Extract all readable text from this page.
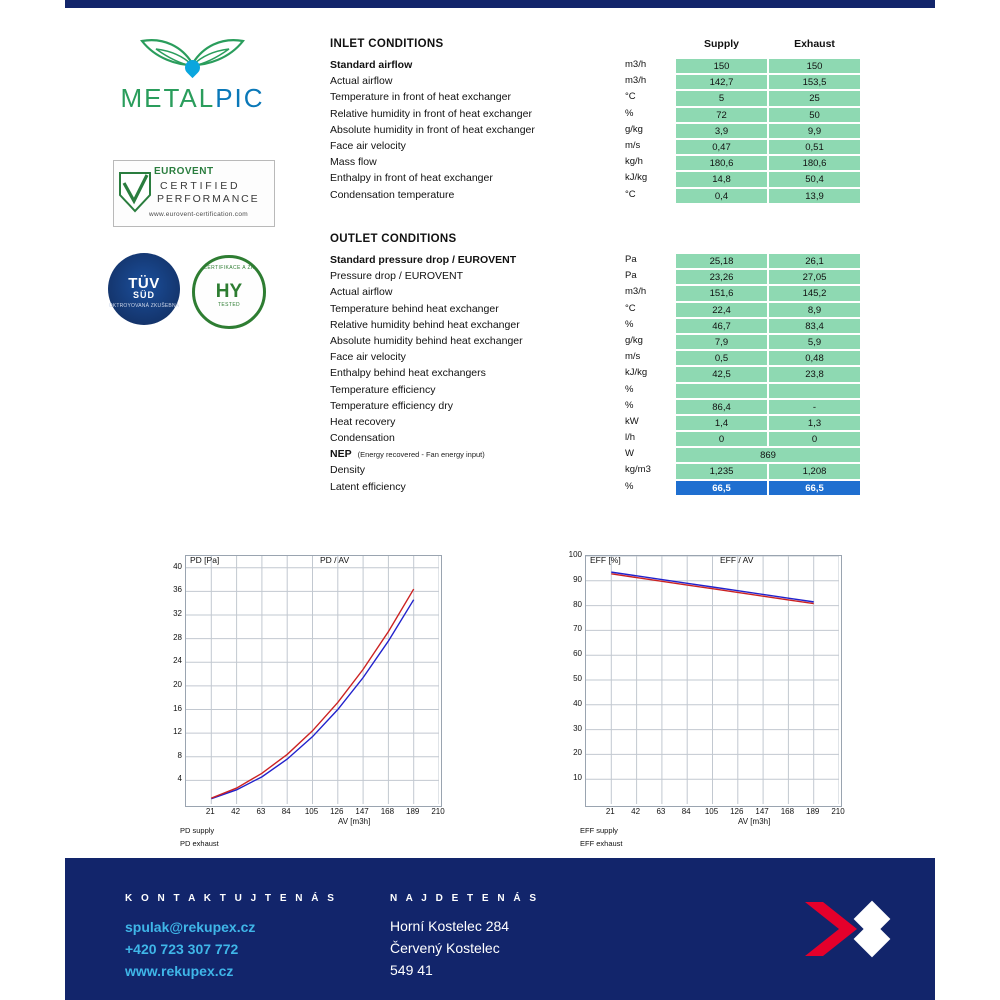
METALPIC
EUROVENT
CERTIFIED
PERFORMANCE
www.eurovent-certification.com
TÜV
SÜD
OKTROYOVANÁ ZKUŠEBNA
CERTIFIKACE A ZK
HY
TESTED
INLET CONDITIONS	Supply	Exhaust
Standard airflow	m3/h	150	150
Actual airflow	m3/h	142,7	153,5
Temperature in front of heat exchanger	°C	5	25
Relative humidity in front of heat exchanger	%	72	50
Absolute humidity in front of heat exchanger	g/kg	3,9	9,9
Face air velocity	m/s	0,47	0,51
Mass flow	kg/h	180,6	180,6
Enthalpy in front of heat exchanger	kJ/kg	14,8	50,4
Condensation temperature	°C	0,4	13,9
OUTLET CONDITIONS
Standard pressure drop / EUROVENT	Pa	25,18	26,1
Pressure drop / EUROVENT	Pa	23,26	27,05
Actual airflow	m3/h	151,6	145,2
Temperature behind heat exchanger	°C	22,4	8,9
Relative humidity behind heat exchanger	%	46,7	83,4
Absolute humidity behind heat exchanger	g/kg	7,9	5,9
Face air velocity	m/s	0,5	0,48
Enthalpy behind heat exchangers	kJ/kg	42,5	23,8
Temperature efficiency	%
Temperature efficiency dry	%	86,4	-
Heat recovery	kW	1,4	1,3
Condensation	l/h	0	0
NEP (Energy recovered - Fan energy input)	W	869
Density	kg/m3	1,235	1,208
Latent efficiency	%	66,5	66,5
PD [Pa]	PD / AV
AV [m3h]
4
8
12
16
20
24
28
32
36
40
21	42	63	84	105	126	147	168	189	210
PD supply
PD exhaust
EFF [%]	EFF / AV
AV [m3h]
10
20
30
40
50
60
70
80
90
100
21	42	63	84	105	126	147	168	189	210
EFF supply
EFF exhaust
K O N T A K T U J T E N Á S
spulak@rekupex.cz
+420 723 307 772
www.rekupex.cz
N A J D E T E N Á S
Horní Kostelec 284
Červený Kostelec
549 41
